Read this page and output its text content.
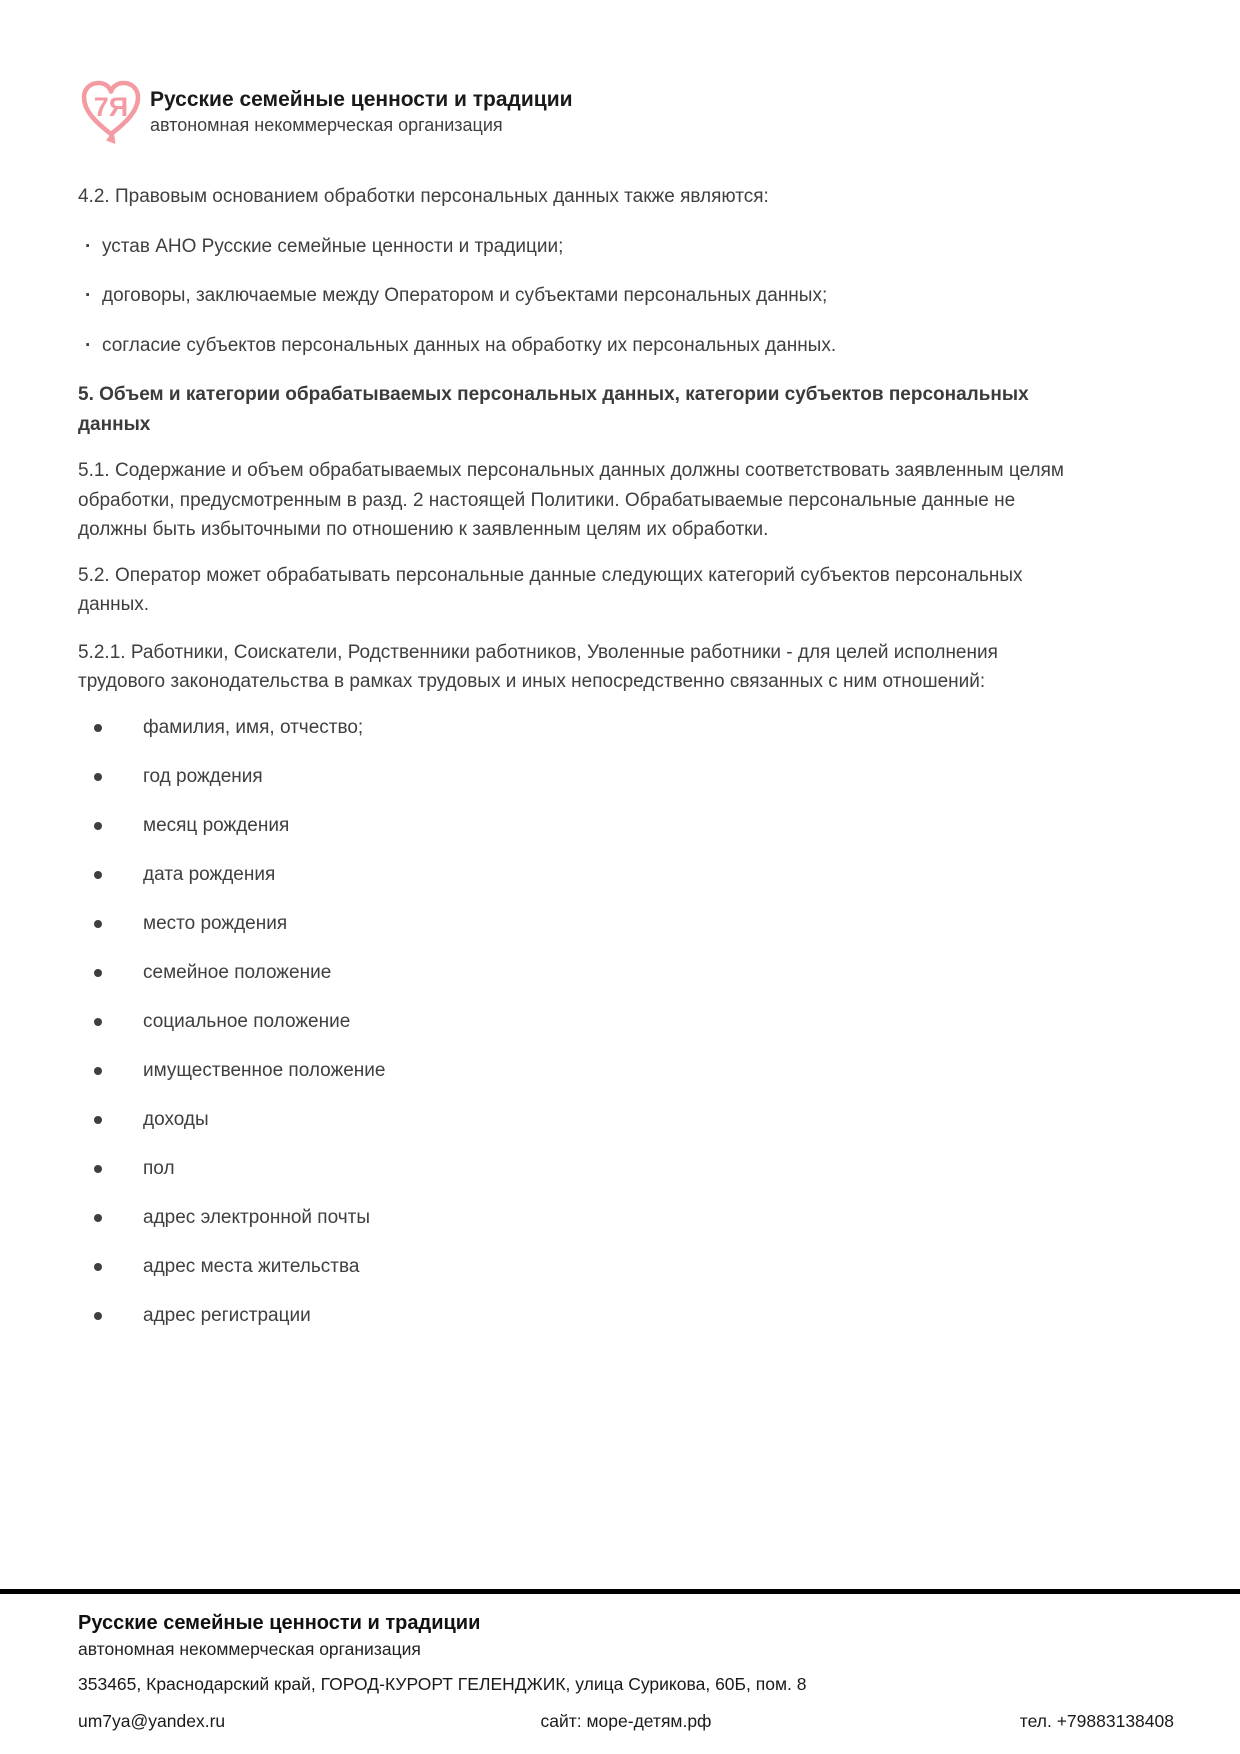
7Я Русские семейные ценности и традиции
автономная некоммерческая организация

4.2. Правовым основанием обработки персональных данных также являются:

·
устав АНО Русские семейные ценности и традиции;
·
договоры, заключаемые между Оператором и субъектами персональных данных;
·
согласие субъектов персональных данных на обработку их персональных данных.
5. Объем и категории обрабатываемых персональных данных, категории субъектов персональных данных

5.1. Содержание и объем обрабатываемых персональных данных должны соответствовать заявленным целям обработки, предусмотренным в разд. 2 настоящей Политики. Обрабатываемые персональные данные не должны быть избыточными по отношению к заявленным целям их обработки.

5.2. Оператор может обрабатывать персональные данные следующих категорий субъектов персональных данных.

5.2.1. Работники, Соискатели, Родственники работников, Уволенные работники - для целей исполнения трудового законодательства в рамках трудовых и иных непосредственно связанных с ним отношений:

фамилия, имя, отчество;
год рождения
месяц рождения
дата рождения
место рождения
семейное положение
социальное положение
имущественное положение
доходы
пол
адрес электронной почты
адрес места жительства
адрес регистрации
Русские семейные ценности и традиции
автономная некоммерческая организация
353465, Краснодарский край, ГОРОД-КУРОРТ ГЕЛЕНДЖИК, улица Сурикова, 60Б, пом. 8
um7ya@yandex.ru	сайт: море-детям.рф	тел. +79883138408
